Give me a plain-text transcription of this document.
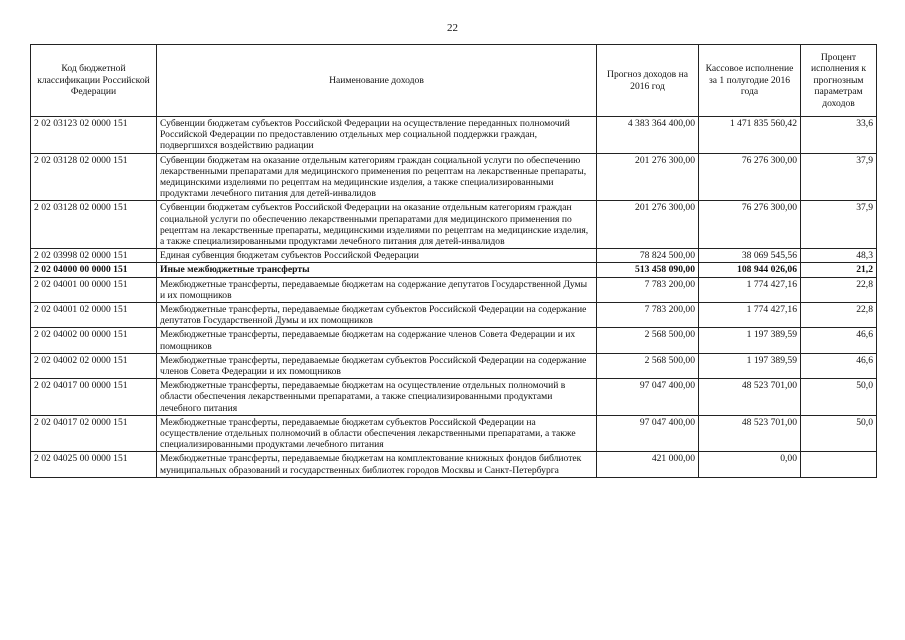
22
Код бюджетной классификации Российской Федерации	Наименование доходов	Прогноз доходов на 2016 год	Кассовое исполнение за 1 полугодие 2016 года	Процент исполнения к прогнозным параметрам доходов
2 02 03123 02 0000 151	Субвенции бюджетам субъектов Российской Федерации на осуществление переданных полномочий Российской Федерации по предоставлению отдельных мер социальной поддержки граждан, подвергшихся воздействию радиации	4 383 364 400,00	1 471 835 560,42	33,6
2 02 03128 02 0000 151	Субвенции бюджетам на оказание отдельным категориям граждан социальной услуги по обеспечению лекарственными препаратами для медицинского применения по рецептам на лекарственные препараты, медицинскими изделиями по рецептам на медицинские изделия, а также специализированными продуктами лечебного питания для детей-инвалидов	201 276 300,00	76 276 300,00	37,9
2 02 03128 02 0000 151	Субвенции бюджетам субъектов Российской Федерации на оказание отдельным категориям граждан социальной услуги по обеспечению лекарственными препаратами для медицинского применения по рецептам на лекарственные препараты, медицинскими изделиями по рецептам на медицинские изделия, а также специализированными продуктами лечебного питания для детей-инвалидов	201 276 300,00	76 276 300,00	37,9
2 02 03998 02 0000 151	Единая субвенция бюджетам субъектов Российской Федерации	78 824 500,00	38 069 545,56	48,3
2 02 04000 00 0000 151	Иные межбюджетные трансферты	513 458 090,00	108 944 026,06	21,2
2 02 04001 00 0000 151	Межбюджетные трансферты, передаваемые бюджетам на содержание депутатов Государственной Думы и их помощников	7 783 200,00	1 774 427,16	22,8
2 02 04001 02 0000 151	Межбюджетные трансферты, передаваемые бюджетам субъектов Российской Федерации на содержание депутатов Государственной Думы и их помощников	7 783 200,00	1 774 427,16	22,8
2 02 04002 00 0000 151	Межбюджетные трансферты, передаваемые бюджетам на содержание членов Совета Федерации и их помощников	2 568 500,00	1 197 389,59	46,6
2 02 04002 02 0000 151	Межбюджетные трансферты, передаваемые бюджетам субъектов Российской Федерации на содержание членов Совета Федерации и их помощников	2 568 500,00	1 197 389,59	46,6
2 02 04017 00 0000 151	Межбюджетные трансферты, передаваемые бюджетам на осуществление отдельных полномочий в области обеспечения лекарственными препаратами, а также специализированными продуктами лечебного питания	97 047 400,00	48 523 701,00	50,0
2 02 04017 02 0000 151	Межбюджетные трансферты, передаваемые бюджетам субъектов Российской Федерации на осуществление отдельных полномочий в области обеспечения лекарственными препаратами, а также специализированными продуктами лечебного питания	97 047 400,00	48 523 701,00	50,0
2 02 04025 00 0000 151	Межбюджетные трансферты, передаваемые бюджетам на комплектование книжных фондов библиотек муниципальных образований и государственных библиотек городов Москвы и Санкт-Петербурга	421 000,00	0,00	
